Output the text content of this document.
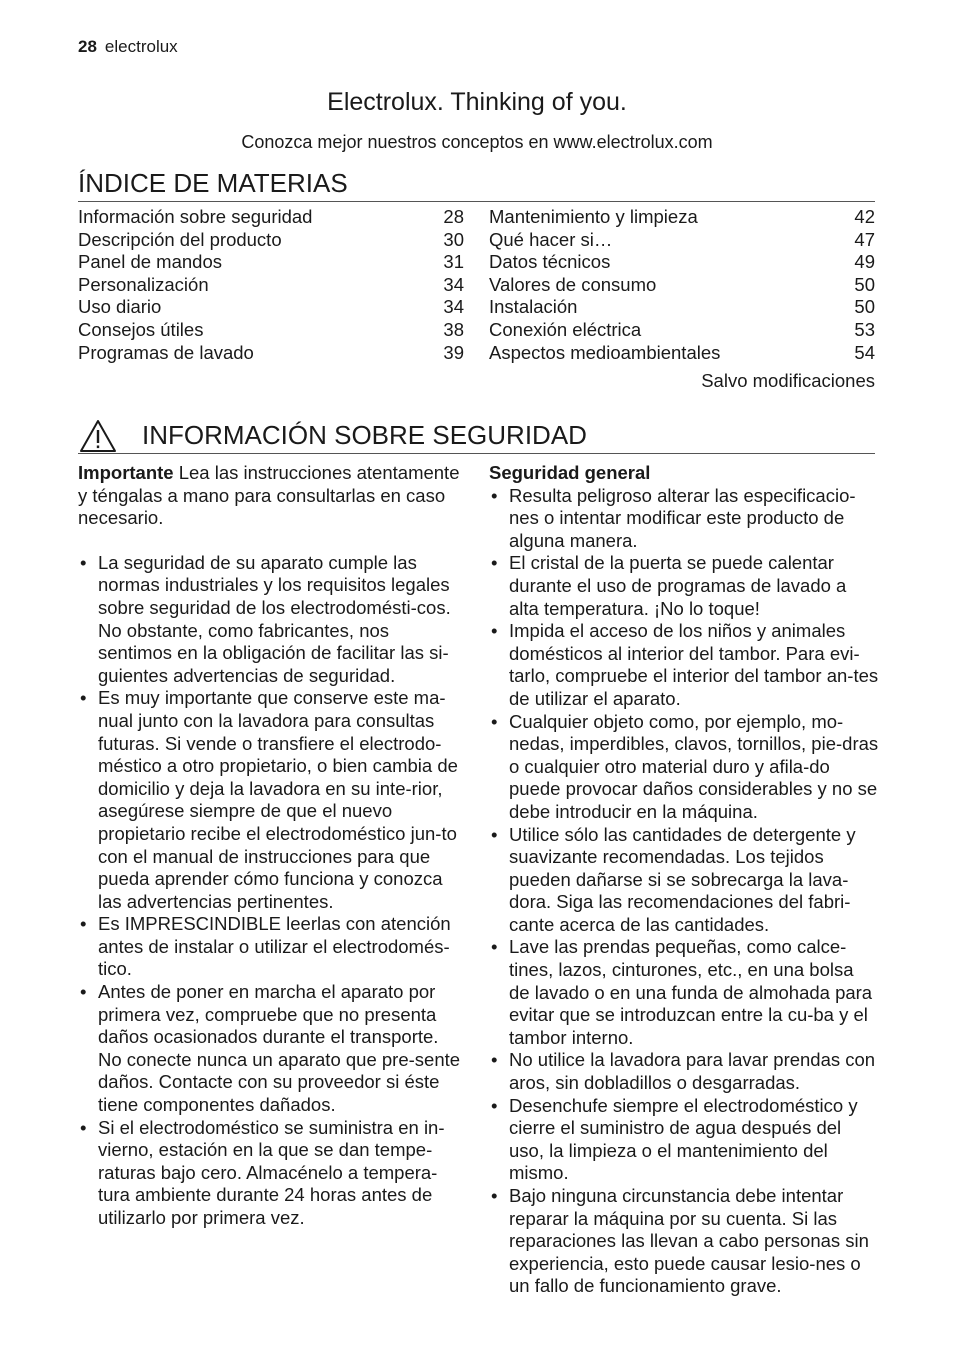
28 electrolux
Electrolux. Thinking of you.
Conozca mejor nuestros conceptos en www.electrolux.com
ÍNDICE DE MATERIAS
Información sobre seguridad	28
Descripción del producto	30
Panel de mandos	31
Personalización	34
Uso diario	34
Consejos útiles	38
Programas de lavado	39
Mantenimiento y limpieza	42
Qué hacer si…	47
Datos técnicos	49
Valores de consumo	50
Instalación	50
Conexión eléctrica	53
Aspectos medioambientales	54
Salvo modificaciones
INFORMACIÓN SOBRE SEGURIDAD

Importante Lea las instrucciones atentamente y téngalas a mano para consultarlas en caso necesario.

• La seguridad de su aparato cumple las normas industriales y los requisitos legales sobre seguridad de los electrodomésti-cos. No obstante, como fabricantes, nos sentimos en la obligación de facilitar las si-guientes advertencias de seguridad.
• Es muy importante que conserve este ma-nual junto con la lavadora para consultas futuras. Si vende o transfiere el electrodo-méstico a otro propietario, o bien cambia de domicilio y deja la lavadora en su inte-rior, asegúrese siempre de que el nuevo propietario recibe el electrodoméstico jun-to con el manual de instrucciones para que pueda aprender cómo funciona y conozca las advertencias pertinentes.
• Es IMPRESCINDIBLE leerlas con atención antes de instalar o utilizar el electrodomés-tico.
• Antes de poner en marcha el aparato por primera vez, compruebe que no presenta daños ocasionados durante el transporte. No conecte nunca un aparato que pre-sente daños. Contacte con su proveedor si éste tiene componentes dañados.
• Si el electrodoméstico se suministra en in-vierno, estación en la que se dan tempe-raturas bajo cero. Almacénelo a tempera-tura ambiente durante 24 horas antes de utilizarlo por primera vez.
Seguridad general
• Resulta peligroso alterar las especificacio-nes o intentar modificar este producto de alguna manera.
• El cristal de la puerta se puede calentar durante el uso de programas de lavado a alta temperatura. ¡No lo toque!
• Impida el acceso de los niños y animales domésticos al interior del tambor. Para evi-tarlo, compruebe el interior del tambor an-tes de utilizar el aparato.
• Cualquier objeto como, por ejemplo, mo-nedas, imperdibles, clavos, tornillos, pie-dras o cualquier otro material duro y afila-do puede provocar daños considerables y no se debe introducir en la máquina.
• Utilice sólo las cantidades de detergente y suavizante recomendadas. Los tejidos pueden dañarse si se sobrecarga la lava-dora. Siga las recomendaciones del fabri-cante acerca de las cantidades.
• Lave las prendas pequeñas, como calce-tines, lazos, cinturones, etc., en una bolsa de lavado o en una funda de almohada para evitar que se introduzcan entre la cu-ba y el tambor interno.
• No utilice la lavadora para lavar prendas con aros, sin dobladillos o desgarradas.
• Desenchufe siempre el electrodoméstico y cierre el suministro de agua después del uso, la limpieza o el mantenimiento del mismo.
• Bajo ninguna circunstancia debe intentar reparar la máquina por su cuenta. Si las reparaciones las llevan a cabo personas sin experiencia, esto puede causar lesio-nes o un fallo de funcionamiento grave.
